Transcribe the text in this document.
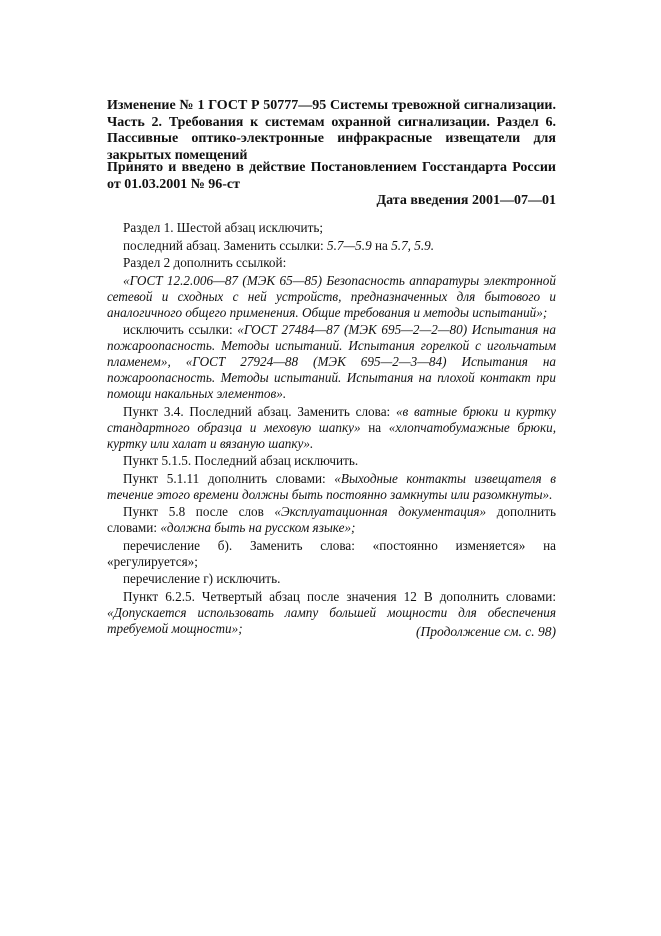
Изменение № 1 ГОСТ Р 50777—95 Системы тревожной сигнализации. Часть 2. Требования к системам охранной сигнализации. Раздел 6. Пассивные оптико-электронные инфракрасные извещатели для закрытых помещений
Принято и введено в действие Постановлением Госстандарта России от 01.03.2001 № 96-ст
Дата введения 2001—07—01

Раздел 1. Шестой абзац исключить;

последний абзац. Заменить ссылки: 5.7—5.9 на 5.7, 5.9.

Раздел 2 дополнить ссылкой:

«ГОСТ 12.2.006—87 (МЭК 65—85) Безопасность аппаратуры электронной сетевой и сходных с ней устройств, предназначенных для бытового и аналогичного общего применения. Общие требования и методы испытаний»;

исключить ссылки: «ГОСТ 27484—87 (МЭК 695—2—2—80) Испытания на пожароопасность. Методы испытаний. Испытания горелкой с игольчатым пламенем», «ГОСТ 27924—88 (МЭК 695—2—3—84) Испытания на пожароопасность. Методы испытаний. Испытания на плохой контакт при помощи накальных элементов».

Пункт 3.4. Последний абзац. Заменить слова: «в ватные брюки и куртку стандартного образца и меховую шапку» на «хлопчатобумажные брюки, куртку или халат и вязаную шапку».

Пункт 5.1.5. Последний абзац исключить.

Пункт 5.1.11 дополнить словами: «Выходные контакты извещателя в течение этого времени должны быть постоянно замкнуты или разомкнуты».

Пункт 5.8 после слов «Эксплуатационная документация» дополнить словами: «должна быть на русском языке»;

перечисление б). Заменить слова: «постоянно изменяется» на «регулируется»;

перечисление г) исключить.

Пункт 6.2.5. Четвертый абзац после значения 12 В дополнить словами: «Допускается использовать лампу большей мощности для обеспечения требуемой мощности»;	(Продолжение см. с. 98)
